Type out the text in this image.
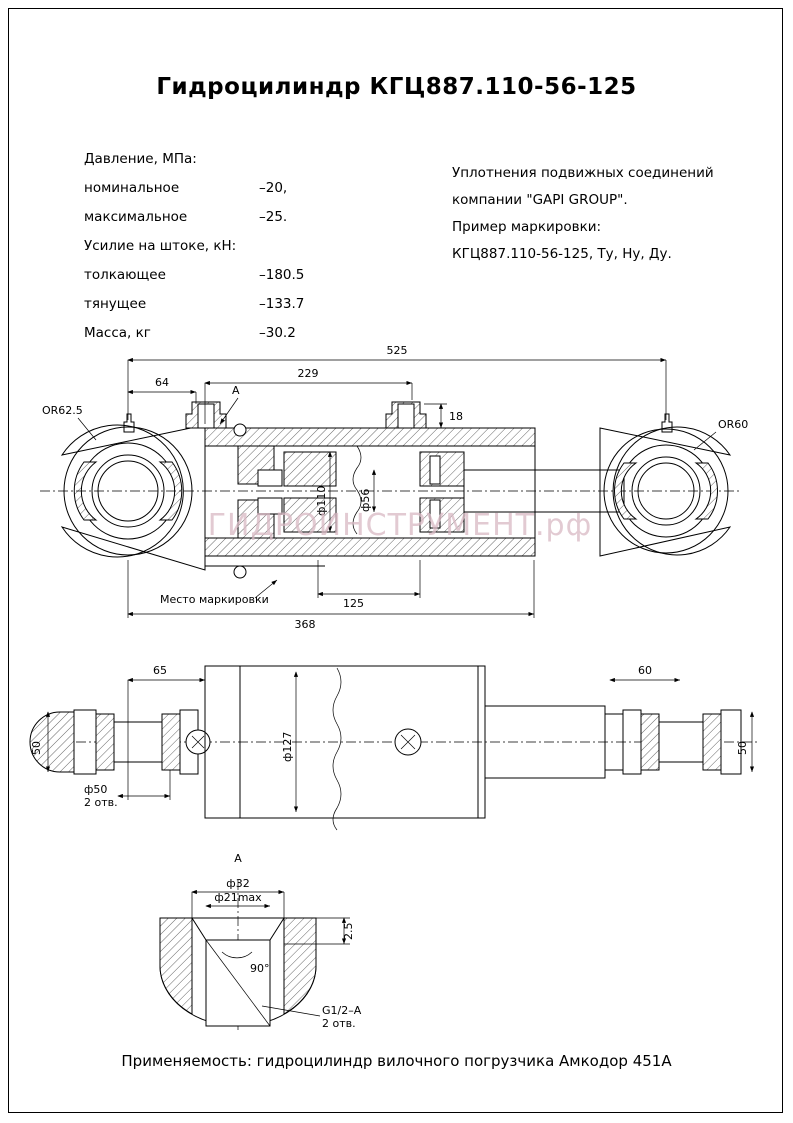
Гидроцилиндр КГЦ887.110-56-125
Давление, МПа:
номинальное	–20,
максимальное	–25.
Усилие на штоке, кН:
толкающее	–180.5
тянущее	–133.7
Масса, кг	–30.2
Уплотнения подвижных соединений
компании "GAPI GROUP".
Пример маркировки:
КГЦ887.110-56-125, Ту, Ну, Ду.
A
Место маркировки
525
229
64
18
368
125
ф110	ф56
OR62.5
OR60
65	60
50	50
ф127
ф50
2 отв.
A
90°
ф32
ф21max
2.5
G1/2–A
2 отв.
ГИДРОИНСТРУМЕНТ.рф
Применяемость: гидроцилиндр вилочного погрузчика Амкодор 451А
